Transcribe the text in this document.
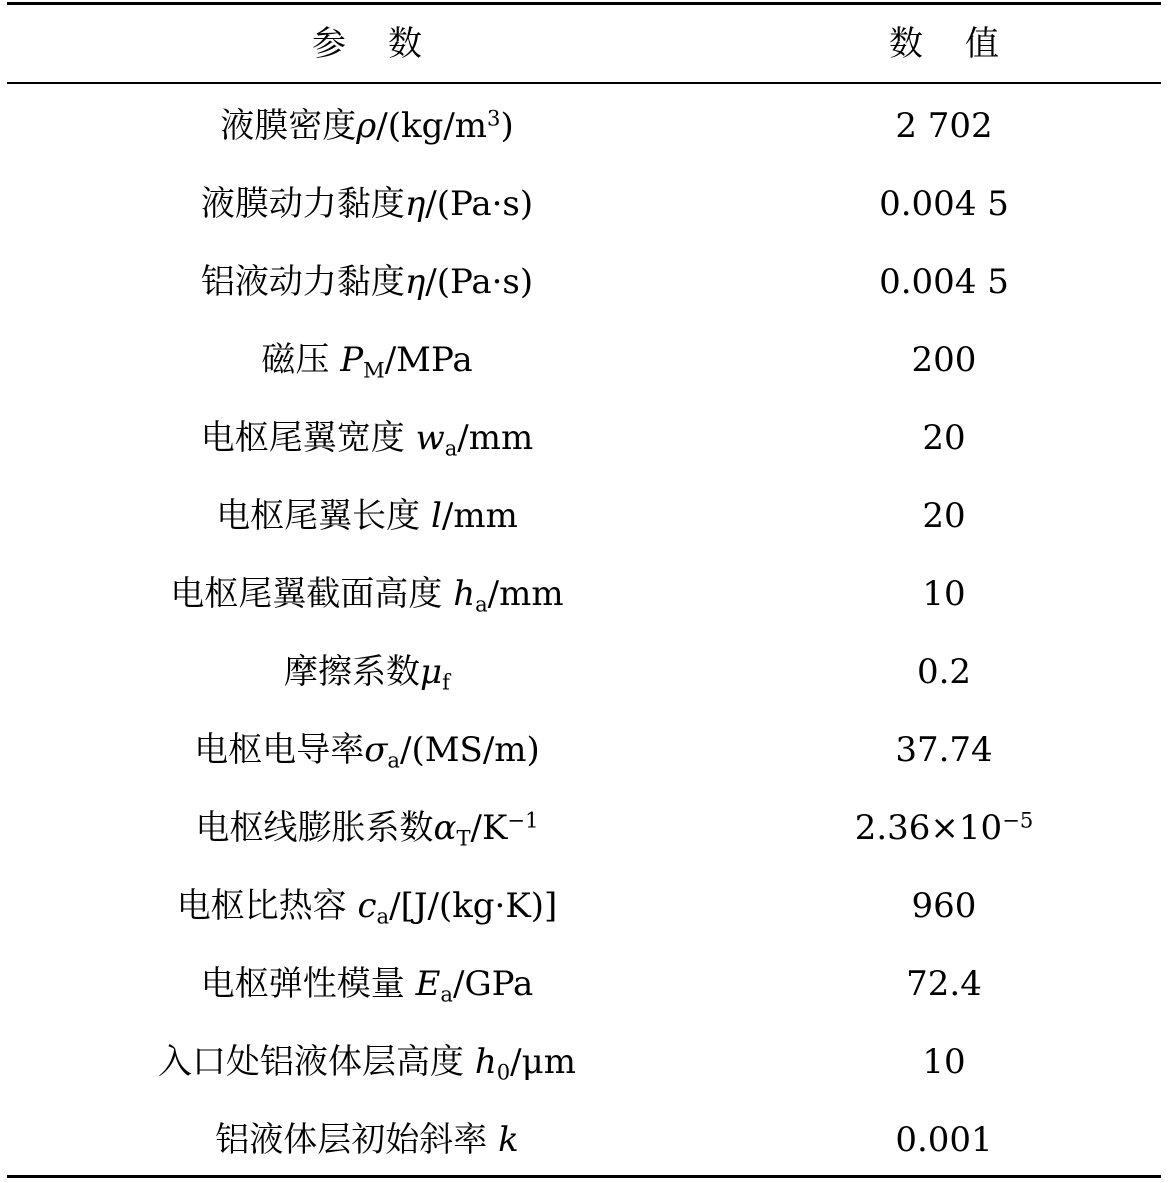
参 数	数 值
液膜密度$\rho/(kg/m^3)$	2 702
液膜动力黏度η/(Pa·s)	0.004 5
铝液动力黏度η/(Pa·s)	0.004 5
磁压 $P_M$/MPa	200
电枢尾翼宽度 $w_a/mm$	20
电枢尾翼长度 l/mm	20
电枢尾翼截面高度 $h_a/mm$	10
摩擦系数$\mu_f$	0.2
电枢电导率$\sigma_a/(MS/m)$	37.74
电枢线膨胀系数$\alpha_T/K^{-1}$	$2.36\times 10^{-5}$
电枢比热容 $c_a/[J/(kg\cdot K)]$	960
电枢弹性模量 $E_a$/GPa	72.4
入口处铝液体层高度 $h_0/\mu m$	10
铝液体层初始斜率 k	0.001
